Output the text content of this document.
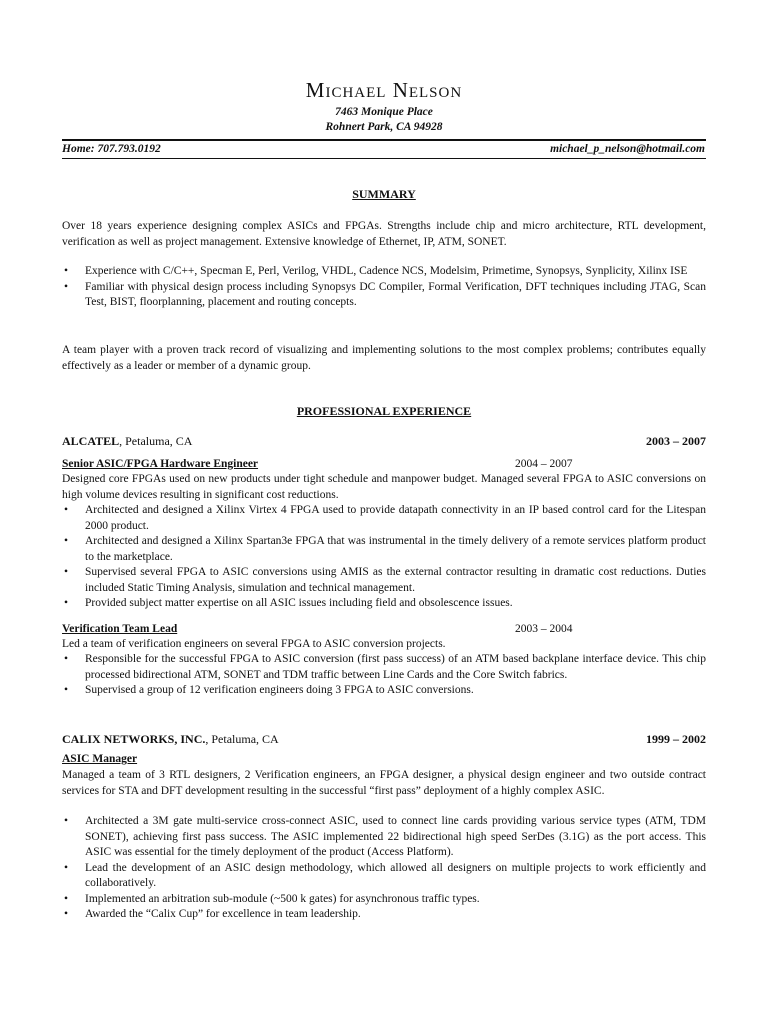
Michael Nelson
7463 Monique Place
Rohnert Park, CA 94928
Home: 707.793.0192	michael_p_nelson@hotmail.com
SUMMARY
Over 18 years experience designing complex ASICs and FPGAs. Strengths include chip and micro architecture, RTL development, verification as well as project management. Extensive knowledge of Ethernet, IP, ATM, SONET.
• Experience with C/C++, Specman E, Perl, Verilog, VHDL, Cadence NCS, Modelsim, Primetime, Synopsys, Synplicity, Xilinx ISE
• Familiar with physical design process including Synopsys DC Compiler, Formal Verification, DFT techniques including JTAG, Scan Test, BIST, floorplanning, placement and routing concepts.
A team player with a proven track record of visualizing and implementing solutions to the most complex problems; contributes equally effectively as a leader or member of a dynamic group.
PROFESSIONAL EXPERIENCE
ALCATEL, Petaluma, CA	2003 – 2007
Senior ASIC/FPGA Hardware Engineer	2004 – 2007
Designed core FPGAs used on new products under tight schedule and manpower budget. Managed several FPGA to ASIC conversions on high volume devices resulting in significant cost reductions.
• Architected and designed a Xilinx Virtex 4 FPGA used to provide datapath connectivity in an IP based control card for the Litespan 2000 product.
• Architected and designed a Xilinx Spartan3e FPGA that was instrumental in the timely delivery of a remote services platform product to the marketplace.
• Supervised several FPGA to ASIC conversions using AMIS as the external contractor resulting in dramatic cost reductions. Duties included Static Timing Analysis, simulation and technical management.
• Provided subject matter expertise on all ASIC issues including field and obsolescence issues.
Verification Team Lead	2003 – 2004
Led a team of verification engineers on several FPGA to ASIC conversion projects.
• Responsible for the successful FPGA to ASIC conversion (first pass success) of an ATM based backplane interface device. This chip processed bidirectional ATM, SONET and TDM traffic between Line Cards and the Core Switch fabrics.
• Supervised a group of 12 verification engineers doing 3 FPGA to ASIC conversions.
CALIX NETWORKS, INC., Petaluma, CA	1999 – 2002
ASIC Manager
Managed a team of 3 RTL designers, 2 Verification engineers, an FPGA designer, a physical design engineer and two outside contract services for STA and DFT development resulting in the successful “first pass” deployment of a highly complex ASIC.
• Architected a 3M gate multi-service cross-connect ASIC, used to connect line cards providing various service types (ATM, TDM SONET), achieving first pass success. The ASIC implemented 22 bidirectional high speed SerDes (3.1G) as the port access. This ASIC was essential for the timely deployment of the product (Access Platform).
• Lead the development of an ASIC design methodology, which allowed all designers on multiple projects to work efficiently and collaboratively.
• Implemented an arbitration sub-module (~500 k gates) for asynchronous traffic types.
• Awarded the “Calix Cup” for excellence in team leadership.
